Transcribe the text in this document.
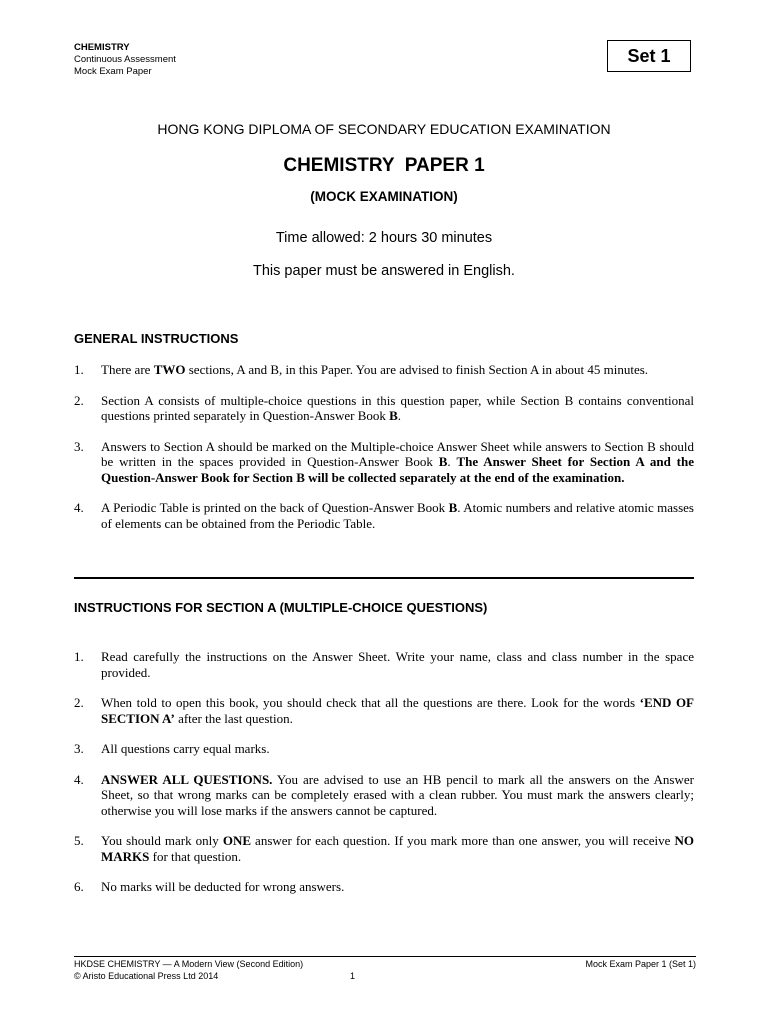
CHEMISTRY
Continuous Assessment
Mock Exam Paper
Set 1
HONG KONG DIPLOMA OF SECONDARY EDUCATION EXAMINATION
CHEMISTRY  PAPER 1
(MOCK EXAMINATION)
Time allowed: 2 hours 30 minutes
This paper must be answered in English.
GENERAL INSTRUCTIONS
1. There are TWO sections, A and B, in this Paper. You are advised to finish Section A in about 45 minutes.
2. Section A consists of multiple-choice questions in this question paper, while Section B contains conventional questions printed separately in Question-Answer Book B.
3. Answers to Section A should be marked on the Multiple-choice Answer Sheet while answers to Section B should be written in the spaces provided in Question-Answer Book B. The Answer Sheet for Section A and the Question-Answer Book for Section B will be collected separately at the end of the examination.
4. A Periodic Table is printed on the back of Question-Answer Book B. Atomic numbers and relative atomic masses of elements can be obtained from the Periodic Table.
INSTRUCTIONS FOR SECTION A (MULTIPLE-CHOICE QUESTIONS)
1. Read carefully the instructions on the Answer Sheet. Write your name, class and class number in the space provided.
2. When told to open this book, you should check that all the questions are there. Look for the words ‘END OF SECTION A’ after the last question.
3. All questions carry equal marks.
4. ANSWER ALL QUESTIONS. You are advised to use an HB pencil to mark all the answers on the Answer Sheet, so that wrong marks can be completely erased with a clean rubber. You must mark the answers clearly; otherwise you will lose marks if the answers cannot be captured.
5. You should mark only ONE answer for each question. If you mark more than one answer, you will receive NO MARKS for that question.
6. No marks will be deducted for wrong answers.
HKDSE CHEMISTRY — A Modern View (Second Edition)
© Aristo Educational Press Ltd 2014	1
Mock Exam Paper 1 (Set 1)
